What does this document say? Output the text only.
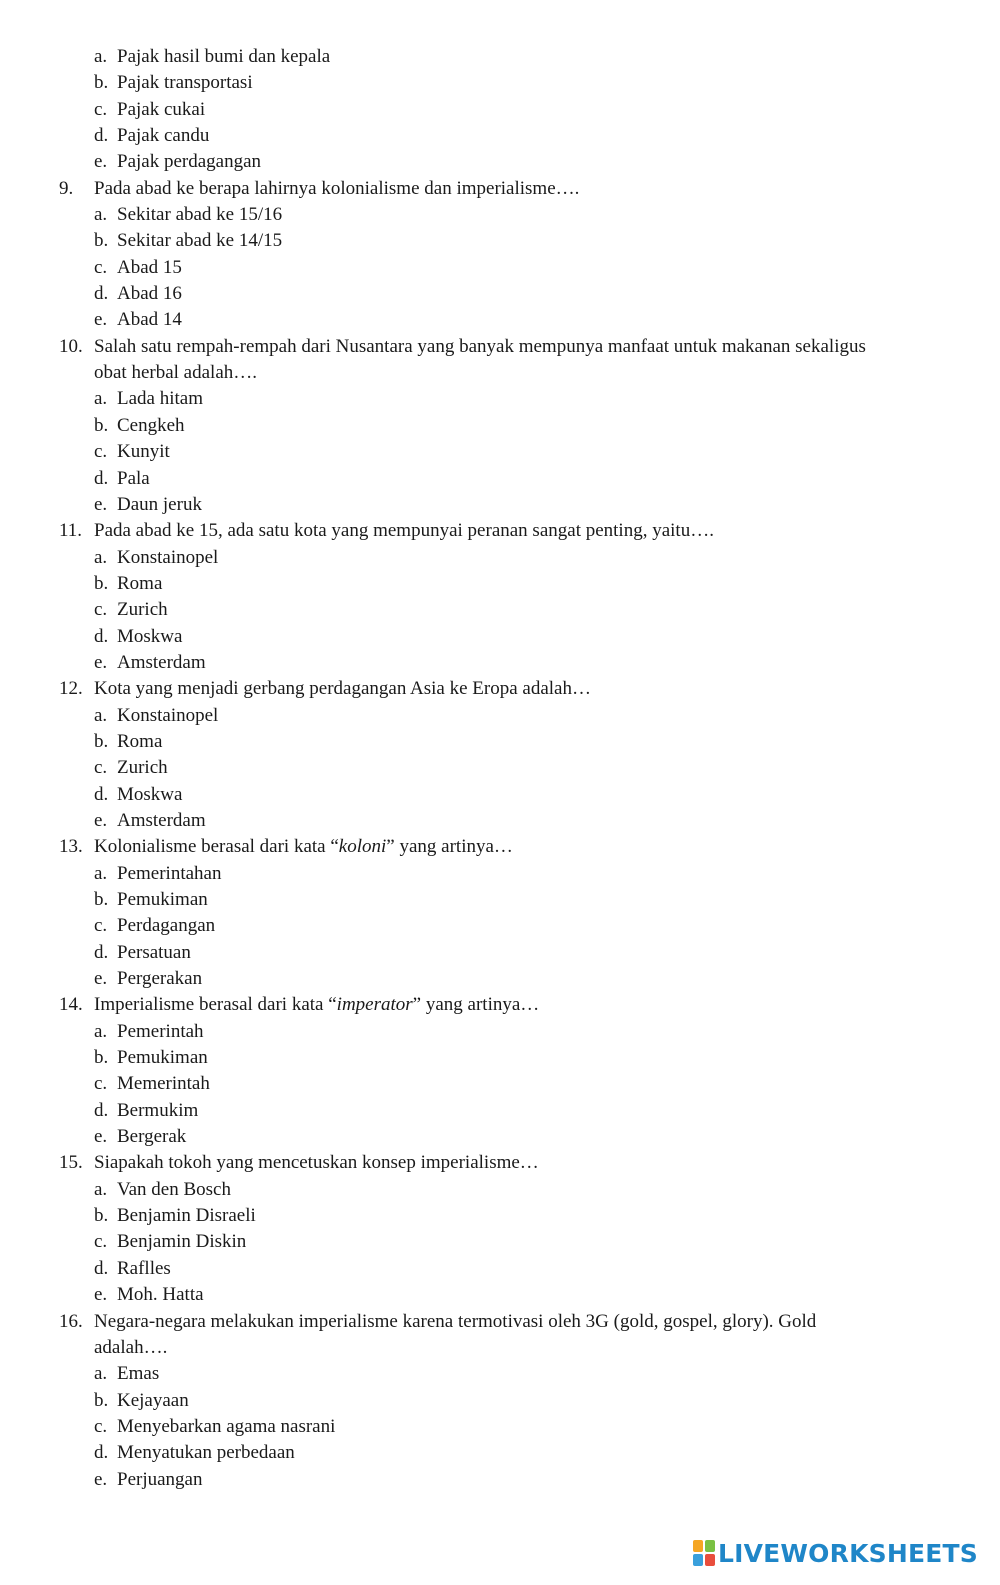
a. Pajak hasil bumi dan kepala
b. Pajak transportasi
c. Pajak cukai
d. Pajak candu
e. Pajak perdagangan
9. Pada abad ke berapa lahirnya kolonialisme dan imperialisme….
a. Sekitar abad ke 15/16
b. Sekitar abad ke 14/15
c. Abad 15
d. Abad 16
e. Abad 14
10. Salah satu rempah-rempah dari Nusantara yang banyak mempunya manfaat untuk makanan sekaligus
obat herbal adalah….
a. Lada hitam
b. Cengkeh
c. Kunyit
d. Pala
e. Daun jeruk
11. Pada abad ke 15, ada satu kota yang mempunyai peranan sangat penting, yaitu….
a. Konstainopel
b. Roma
c. Zurich
d. Moskwa
e. Amsterdam
12. Kota yang menjadi gerbang perdagangan Asia ke Eropa adalah…
a. Konstainopel
b. Roma
c. Zurich
d. Moskwa
e. Amsterdam
13. Kolonialisme berasal dari kata “koloni” yang artinya…
a. Pemerintahan
b. Pemukiman
c. Perdagangan
d. Persatuan
e. Pergerakan
14. Imperialisme berasal dari kata “imperator” yang artinya…
a. Pemerintah
b. Pemukiman
c. Memerintah
d. Bermukim
e. Bergerak
15. Siapakah tokoh yang mencetuskan konsep imperialisme…
a. Van den Bosch
b. Benjamin Disraeli
c. Benjamin Diskin
d. Raflles
e. Moh. Hatta
16. Negara-negara melakukan imperialisme karena termotivasi oleh 3G (gold, gospel, glory). Gold
adalah….
a. Emas
b. Kejayaan
c. Menyebarkan agama nasrani
d. Menyatukan perbedaan
e. Perjuangan
LIVEWORKSHEETS
